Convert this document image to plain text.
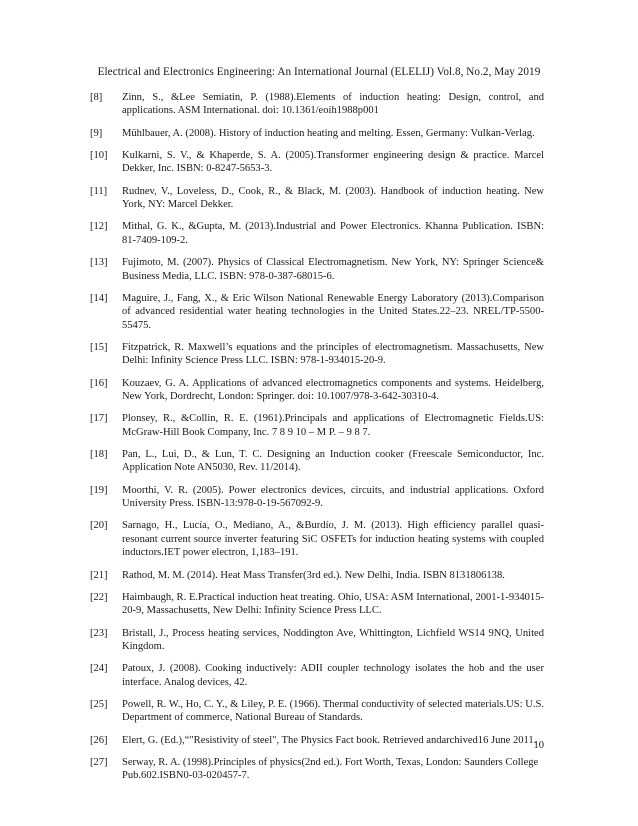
Electrical and Electronics Engineering: An International Journal (ELELIJ) Vol.8, No.2, May 2019
[8]	Zinn, S., &Lee Semiatin, P. (1988).Elements of induction heating: Design, control, and applications. ASM International. doi: 10.1361/eoih1988p001
[9]	Mühlbauer, A. (2008). History of induction heating and melting. Essen, Germany: Vulkan-Verlag.
[10]	Kulkarni, S. V., & Khaperde, S. A. (2005).Transformer engineering design & practice. Marcel Dekker, Inc. ISBN: 0-8247-5653-3.
[11]	Rudnev, V., Loveless, D., Cook, R., & Black, M. (2003). Handbook of induction heating. New York, NY: Marcel Dekker.
[12]	Mithal, G. K., &Gupta, M. (2013).Industrial and Power Electronics. Khanna Publication. ISBN: 81-7409-109-2.
[13]	Fujimoto, M. (2007). Physics of Classical Electromagnetism. New York, NY: Springer Science& Business Media, LLC. ISBN: 978-0-387-68015-6.
[14]	Maguire, J., Fang, X., & Eric Wilson National Renewable Energy Laboratory (2013).Comparison of advanced residential water heating technologies in the United States.22–23. NREL/TP-5500-55475.
[15]	Fitzpatrick, R. Maxwell’s equations and the principles of electromagnetism. Massachusetts, New Delhi: Infinity Science Press LLC. ISBN: 978-1-934015-20-9.
[16]	Kouzaev, G. A. Applications of advanced electromagnetics components and systems. Heidelberg, New York, Dordrecht, London: Springer. doi: 10.1007/978-3-642-30310-4.
[17]	Plonsey, R., &Collin, R. E. (1961).Principals and applications of Electromagnetic Fields.US: McGraw-Hill Book Company, Inc. 7 8 9 10 – M P. – 9 8 7.
[18]	Pan, L., Lui, D., & Lun, T. C. Designing an Induction cooker (Freescale Semiconductor, Inc. Application Note AN5030, Rev. 11/2014).
[19]	Moorthi, V. R. (2005). Power electronics devices, circuits, and industrial applications. Oxford University Press. ISBN-13:978-0-19-567092-9.
[20]	Sarnago, H., Lucía, O., Mediano, A., &Burdío, J. M. (2013). High efficiency parallel quasi-resonant current source inverter featuring SiC OSFETs for induction heating systems with coupled inductors.IET power electron, 1,183–191.
[21]	Rathod, M. M. (2014). Heat Mass Transfer(3rd ed.). New Delhi, India. ISBN 8131806138.
[22]	Haimbaugh, R. E.Practical induction heat treating. Ohio, USA: ASM International, 2001-1-934015-20-9, Massachusetts, New Delhi: Infinity Science Press LLC.
[23]	Bristall, J., Process heating services, Noddington Ave, Whittington, Lichfield WS14 9NQ, United Kingdom.
[24]	Patoux, J. (2008). Cooking inductively: ADII coupler technology isolates the hob and the user interface. Analog devices, 42.
[25]	Powell, R. W., Ho, C. Y., & Liley, P. E. (1966). Thermal conductivity of selected materials.US: U.S. Department of commerce, National Bureau of Standards.
[26]	Elert, G. (Ed.),“"Resistivity of steel", The Physics Fact book. Retrieved andarchived16 June 2011.
[27]	Serway, R. A. (1998).Principles of physics(2nd ed.). Fort Worth, Texas, London: Saunders College Pub.602.ISBN0-03-020457-7.
10
